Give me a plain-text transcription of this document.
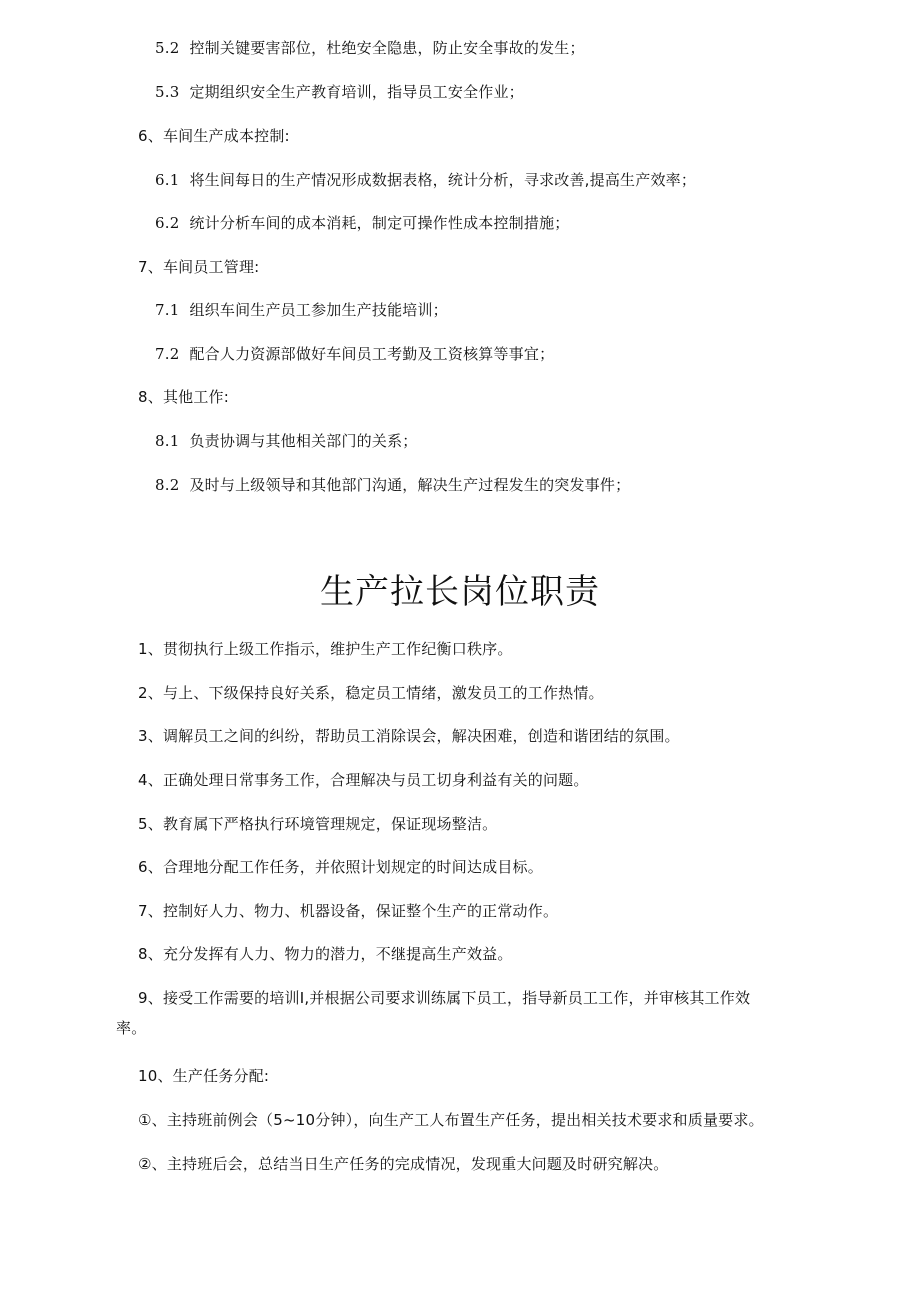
5.2 控制关键要害部位，杜绝安全隐患，防止安全事故的发生；
5.3 定期组织安全生产教育培训，指导员工安全作业；
6、车间生产成本控制:
6.1 将生间每日的生产情况形成数据表格，统计分析，寻求改善,提高生产效率；
6.2 统计分析车间的成本消耗，制定可操作性成本控制措施；
7、车间员工管理:
7.1 组织车间生产员工参加生产技能培训；
7.2 配合人力资源部做好车间员工考勤及工资核算等事宜；
8、其他工作:
8.1 负责协调与其他相关部门的关系；
8.2 及时与上级领导和其他部门沟通，解决生产过程发生的突发事件；
生产拉长岗位职责
1、贯彻执行上级工作指示，维护生产工作纪衡口秩序。
2、与上、下级保持良好关系，稳定员工情绪，激发员工的工作热情。
3、调解员工之间的纠纷，帮助员工消除误会，解决困难，创造和谐团结的氛围。
4、正确处理日常事务工作，合理解决与员工切身利益有关的问题。
5、教育属下严格执行环境管理规定，保证现场整洁。
6、合理地分配工作任务，并依照计划规定的时间达成目标。
7、控制好人力、物力、机器设备，保证整个生产的正常动作。
8、充分发挥有人力、物力的潜力，不继提高生产效益。
9、接受工作需要的培训I,并根据公司要求训练属下员工，指导新员工工作，并审核其工作效
率。
10、生产任务分配:
①、主持班前例会（5~10分钟），向生产工人布置生产任务，提出相关技术要求和质量要求。
②、主持班后会，总结当日生产任务的完成情况，发现重大问题及时研究解决。
